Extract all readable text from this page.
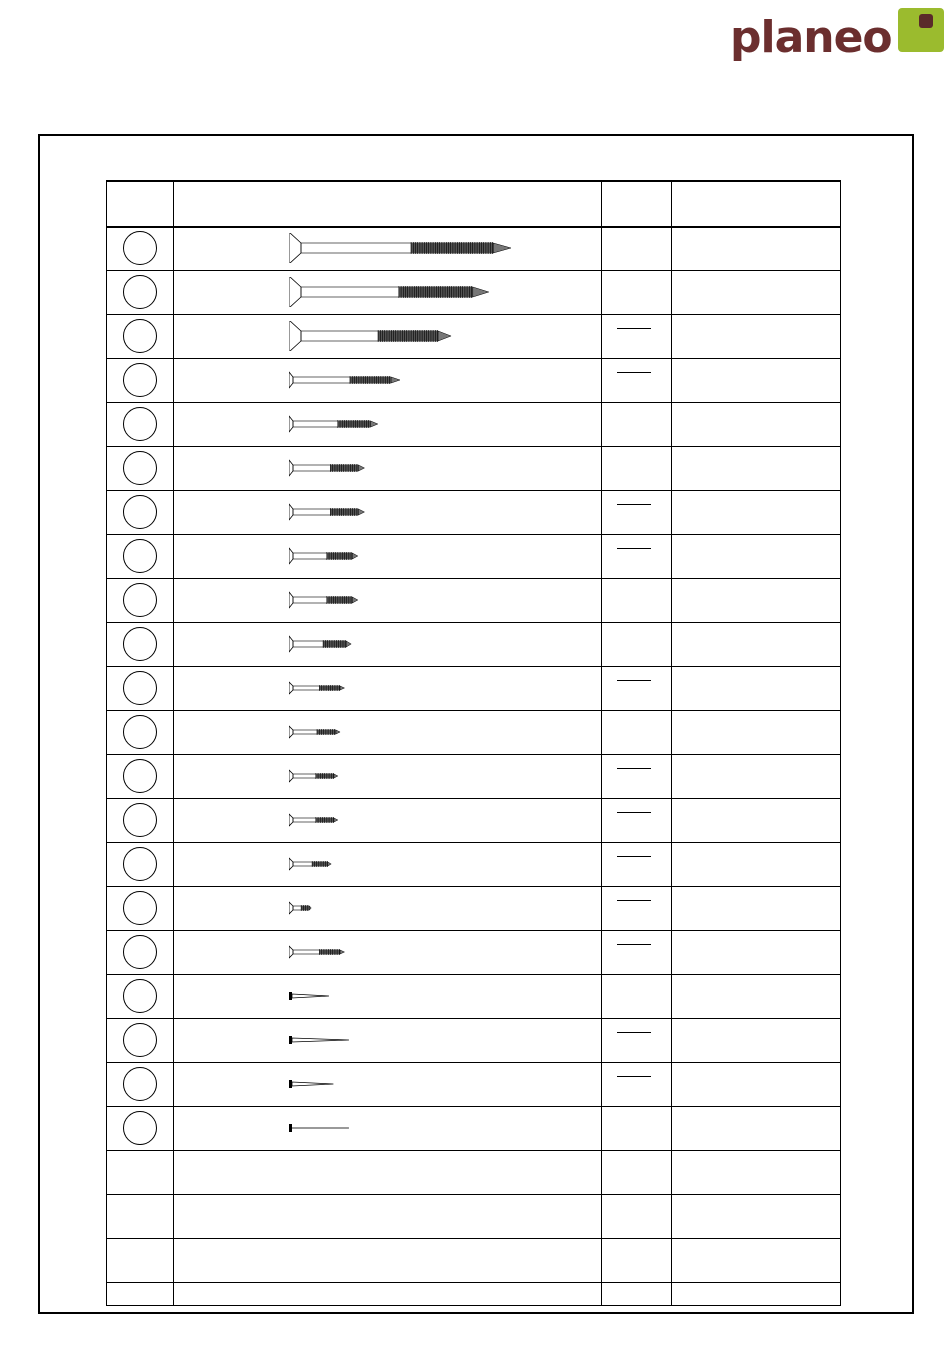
planeo
